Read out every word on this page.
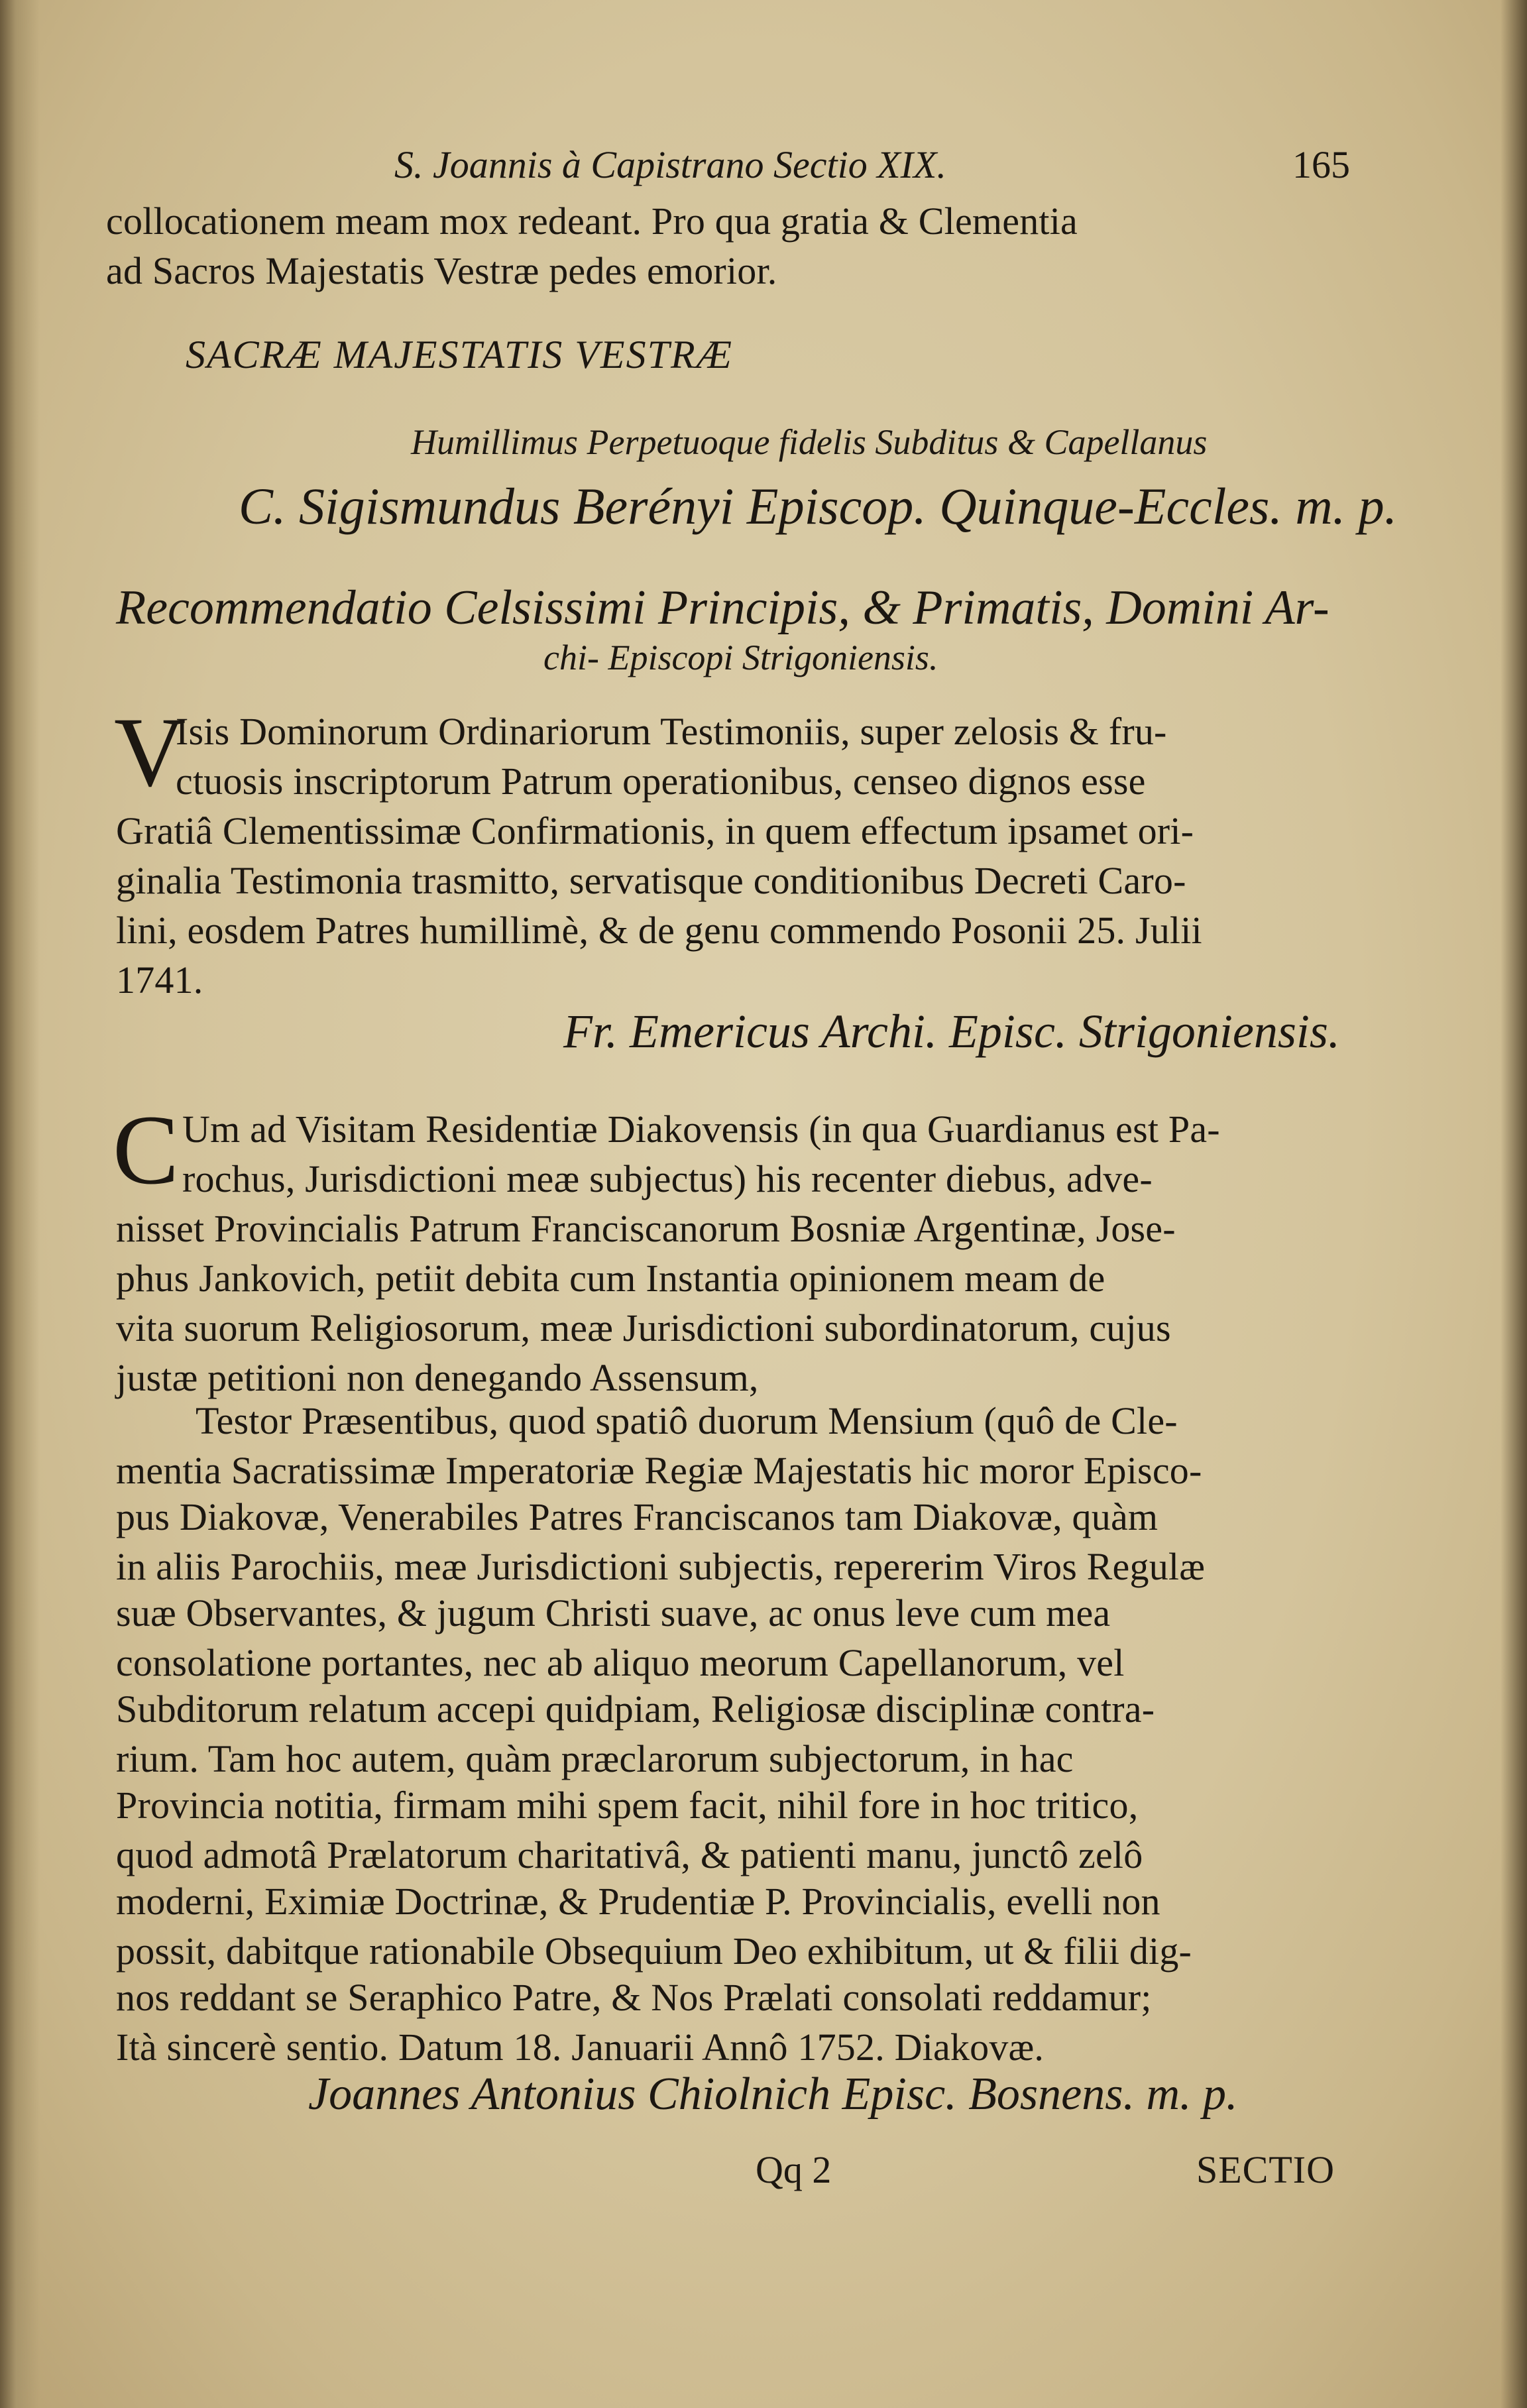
S. Joannis à Capistrano Sectio XIX.	165
collocationem meam mox redeant. Pro qua gratia & Clementia
ad Sacros Majestatis Vestræ pedes emorior.
SACRÆ MAJESTATIS VESTRÆ
Humillimus Perpetuoque fidelis Subditus & Capellanus
C. Sigismundus Berényi Episcop. Quinque-Eccles. m. p.
Recommendatio Celsissimi Principis, & Primatis, Domini Ar-
chi- Episcopi Strigoniensis.
V
Isis Dominorum Ordinariorum Testimoniis, super zelosis & fru-
ctuosis inscriptorum Patrum operationibus, censeo dignos esse
Gratiâ Clementissimæ Confirmationis, in quem effectum ipsamet ori-
ginalia Testimonia trasmitto, servatisque conditionibus Decreti Caro-
lini, eosdem Patres humillimè, & de genu commendo Posonii 25. Julii
1741.
Fr. Emericus Archi. Episc. Strigoniensis.
C Um ad Visitam Residentiæ Diakovensis (in qua Guardianus est Pa-
rochus, Jurisdictioni meæ subjectus) his recenter diebus, adve-
nisset Provincialis Patrum Franciscanorum Bosniæ Argentinæ, Jose-
phus Jankovich, petiit debita cum Instantia opinionem meam de
vita suorum Religiosorum, meæ Jurisdictioni subordinatorum, cujus
justæ petitioni non denegando Assensum,
Testor Præsentibus, quod spatiô duorum Mensium (quô de Cle-
mentia Sacratissimæ Imperatoriæ Regiæ Majestatis hic moror Episco-
pus Diakovæ, Venerabiles Patres Franciscanos tam Diakovæ, quàm
in aliis Parochiis, meæ Jurisdictioni subjectis, repererim Viros Regulæ
suæ Observantes, & jugum Christi suave, ac onus leve cum mea
consolatione portantes, nec ab aliquo meorum Capellanorum, vel
Subditorum relatum accepi quidpiam, Religiosæ disciplinæ contra-
rium. Tam hoc autem, quàm præclarorum subjectorum, in hac
Provincia notitia, firmam mihi spem facit, nihil fore in hoc tritico,
quod admotâ Prælatorum charitativâ, & patienti manu, junctô zelô
moderni, Eximiæ Doctrinæ, & Prudentiæ P. Provincialis, evelli non
possit, dabitque rationabile Obsequium Deo exhibitum, ut & filii dig-
nos reddant se Seraphico Patre, & Nos Prælati consolati reddamur;
Ità sincerè sentio. Datum 18. Januarii Annô 1752. Diakovæ.
Joannes Antonius Chiolnich Episc. Bosnens. m. p.
Qq 2	SECTIO
